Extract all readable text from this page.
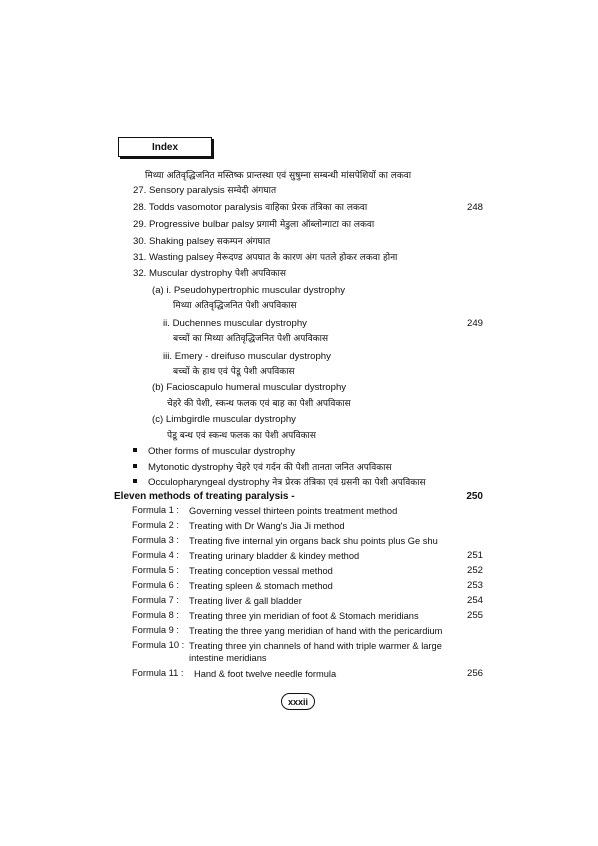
Index
मिथ्या अतिवृद्धिजनित मस्तिष्क प्रान्तस्था एवं सुषुम्ना सम्बन्धी मांसपेशियों का लकवा
27. Sensory paralysis सम्वेदी अंगघात
28. Todds vasomotor paralysis वाहिका प्रेरक तंत्रिका का लकवा	248
29. Progressive bulbar palsy प्रगामी मेडुला ऑब्लोन्गाटा का लकवा
30. Shaking palsey सकम्पन अंगघात
31. Wasting palsey मेरूदण्ड अपघात के कारण अंग पतले होकर लकवा होना
32. Muscular dystrophy पेशी अपविकास
(a) i. Pseudohypertrophic muscular dystrophy
मिथ्या अतिवृद्धिजनित पेशी अपविकास
ii. Duchennes muscular dystrophy	249
बच्चों का मिथ्या अतिवृद्धिजनित पेशी अपविकास
iii. Emery - dreifuso muscular dystrophy
बच्चों के हाथ एवं पेडू पेशी अपविकास
(b) Facioscapulo humeral muscular dystrophy
चेहरे की पेशी, स्कन्ध फलक एवं बाह का पेशी अपविकास
(c) Limbgirdle muscular dystrophy
पेडू बन्ध एवं स्कन्ध फलक का पेशी अपविकास
Other forms of muscular dystrophy
Mytonotic dystrophy चेहरे एवं गर्दन की पेशी तानता जनित अपविकास
Occulopharyngeal dystrophy नेत्र प्रेरक तंत्रिका एवं ग्रसनी का पेशी अपविकास
Eleven methods of treating paralysis -	250
Formula 1 : Governing vessel thirteen points treatment method
Formula 2 : Treating with Dr Wang's Jia Ji method
Formula 3 : Treating five internal yin organs back shu points plus Ge shu
Formula 4 : Treating urinary bladder & kindey method	251
Formula 5 : Treating conception vessal method	252
Formula 6 : Treating spleen & stomach method	253
Formula 7 : Treating liver & gall bladder	254
Formula 8 : Treating three yin meridian of foot & Stomach meridians	255
Formula 9 : Treating the three yang meridian of hand with the pericardium
Formula 10 : Treating three yin channels of hand with triple warmer & large
intestine meridians
Formula 11 : Hand & foot twelve needle formula	256
xxxii
